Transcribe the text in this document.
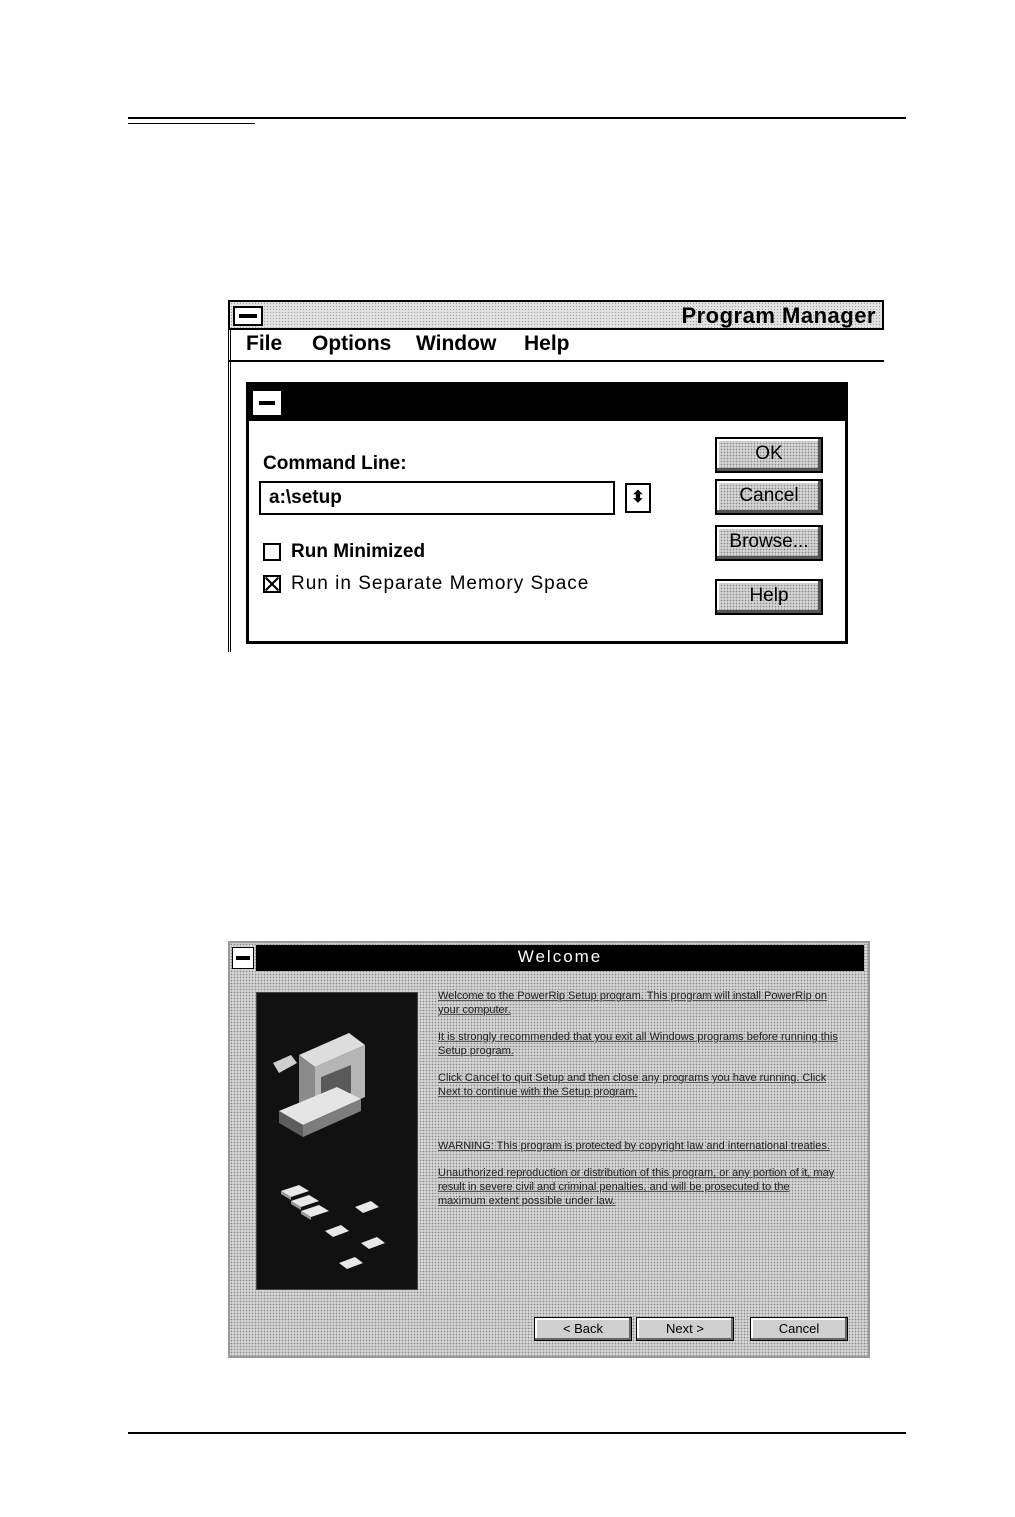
Program Manager
File Options Window Help
Command Line:
a:\setup
⬍
Run Minimized
Run in Separate Memory Space
OK
Cancel
Browse...
Help
Welcome

Welcome to the PowerRip Setup program. This program will install PowerRip on your computer.

It is strongly recommended that you exit all Windows programs before running this Setup program.

Click Cancel to quit Setup and then close any programs you have running. Click Next to continue with the Setup program.

WARNING: This program is protected by copyright law and international treaties.

Unauthorized reproduction or distribution of this program, or any portion of it, may result in severe civil and criminal penalties, and will be prosecuted to the maximum extent possible under law.

< Back	Next >	Cancel
